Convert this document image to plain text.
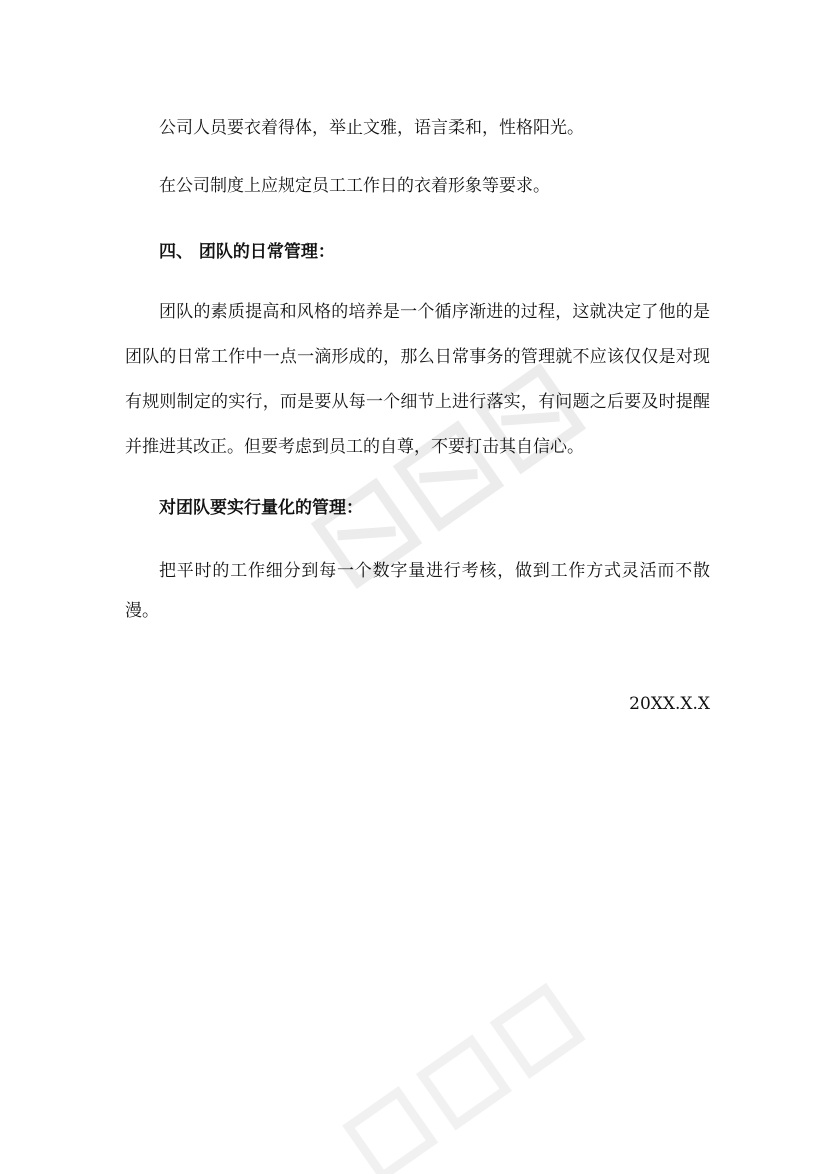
公司人员要衣着得体，举止文雅，语言柔和，性格阳光。

在公司制度上应规定员工工作日的衣着形象等要求。

四、 团队的日常管理：

团队的素质提高和风格的培养是一个循序渐进的过程，这就决定了他的是团队的日常工作中一点一滴形成的，那么日常事务的管理就不应该仅仅是对现有规则制定的实行，而是要从每一个细节上进行落实，有问题之后要及时提醒并推进其改正。但要考虑到员工的自尊，不要打击其自信心。

对团队要实行量化的管理：

把平时的工作细分到每一个数字量进行考核，做到工作方式灵活而不散漫。

20XX.X.X
